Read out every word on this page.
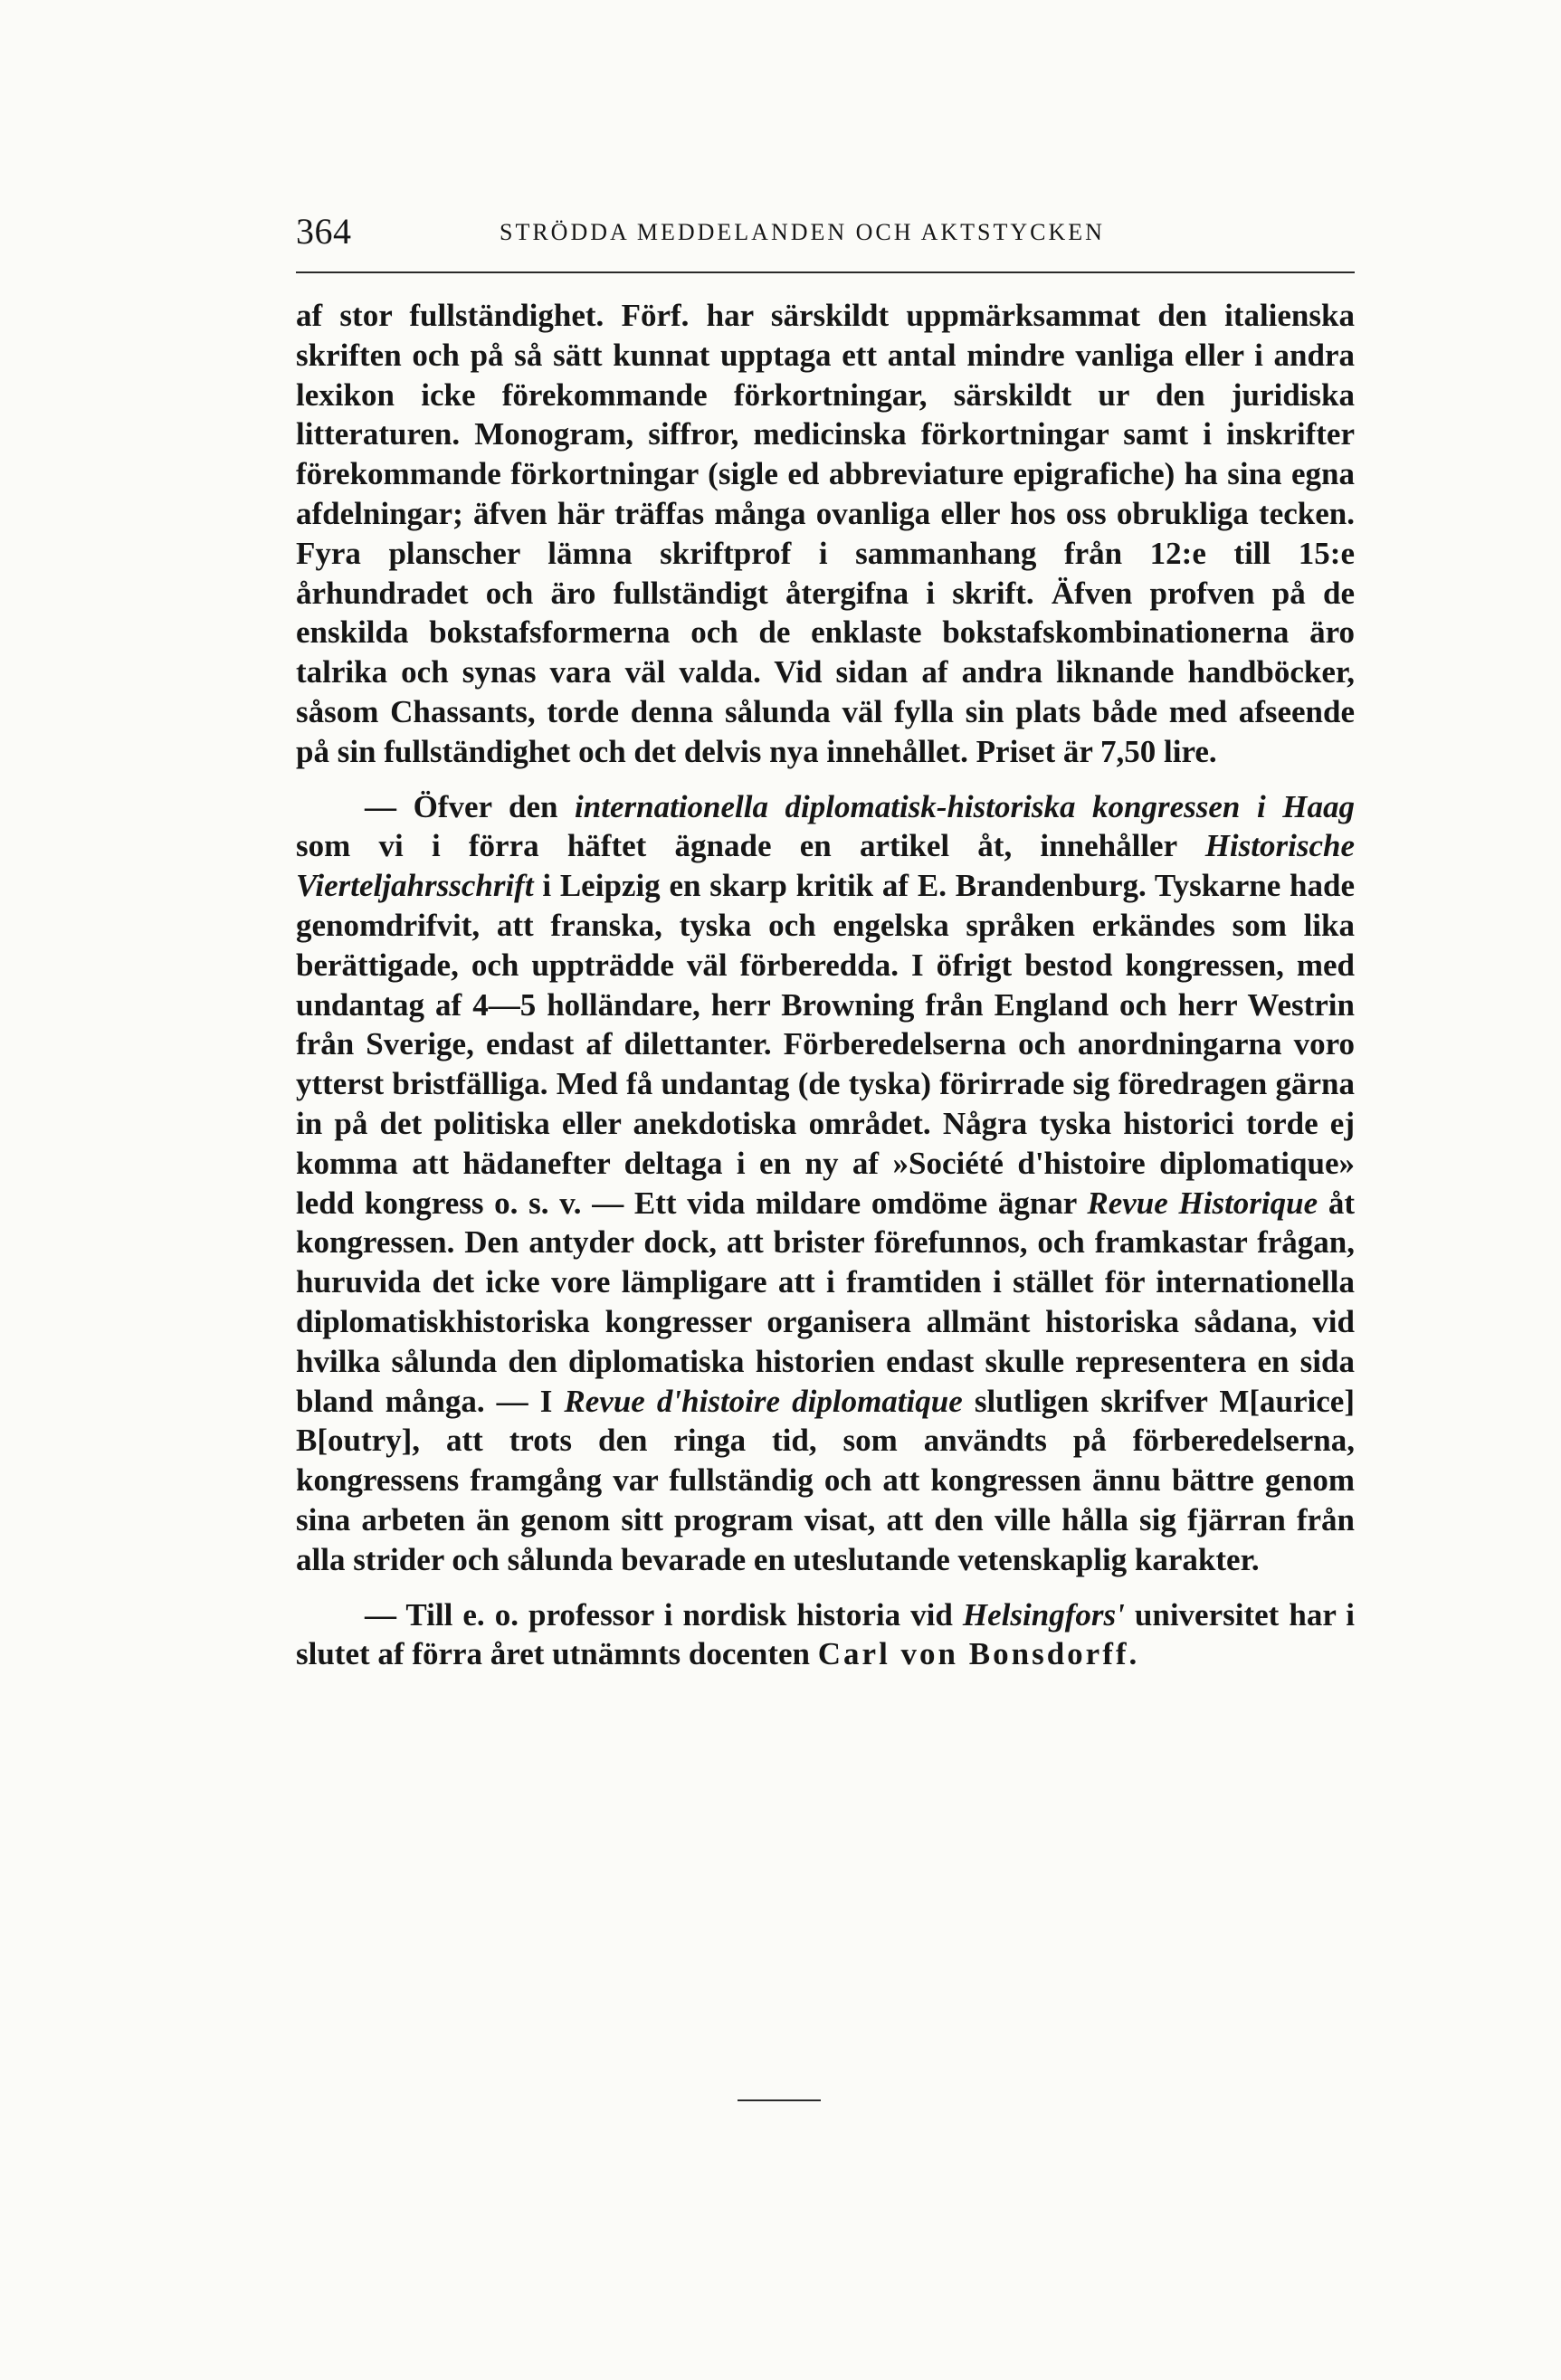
364	STRÖDDA MEDDELANDEN OCH AKTSTYCKEN

af stor fullständighet. Förf. har särskildt uppmärksammat den italienska skriften och på så sätt kunnat upptaga ett antal mindre vanliga eller i andra lexikon icke förekommande förkortningar, särskildt ur den juridiska litteraturen. Monogram, siffror, medicinska förkortningar samt i inskrifter förekommande förkortningar (sigle ed abbreviature epigrafiche) ha sina egna afdelningar; äfven här träffas många ovanliga eller hos oss obrukliga tecken. Fyra planscher lämna skriftprof i sammanhang från 12:e till 15:e århundradet och äro fullständigt återgifna i skrift. Äfven profven på de enskilda bokstafsformerna och de enklaste bokstafskombinationerna äro talrika och synas vara väl valda. Vid sidan af andra liknande handböcker, såsom Chassants, torde denna sålunda väl fylla sin plats både med afseende på sin fullständighet och det delvis nya innehållet. Priset är 7,50 lire.

— Öfver den internationella diplomatisk-historiska kongressen i Haag som vi i förra häftet ägnade en artikel åt, innehåller Historische Vierteljahrsschrift i Leipzig en skarp kritik af E. Brandenburg. Tyskarne hade genomdrifvit, att franska, tyska och engelska språken erkändes som lika berättigade, och uppträdde väl förberedda. I öfrigt bestod kongressen, med undantag af 4—5 holländare, herr Browning från England och herr Westrin från Sverige, endast af dilettanter. Förberedelserna och anordningarna voro ytterst bristfälliga. Med få undantag (de tyska) förirrade sig föredragen gärna in på det politiska eller anekdotiska området. Några tyska historici torde ej komma att hädanefter deltaga i en ny af »Société d'histoire diplomatique» ledd kongress o. s. v. — Ett vida mildare omdöme ägnar Revue Historique åt kongressen. Den antyder dock, att brister förefunnos, och framkastar frågan, huruvida det icke vore lämpligare att i framtiden i stället för internationella diplomatiskhistoriska kongresser organisera allmänt historiska sådana, vid hvilka sålunda den diplomatiska historien endast skulle representera en sida bland många. — I Revue d'histoire diplomatique slutligen skrifver M[aurice] B[outry], att trots den ringa tid, som användts på förberedelserna, kongressens framgång var fullständig och att kongressen ännu bättre genom sina arbeten än genom sitt program visat, att den ville hålla sig fjärran från alla strider och sålunda bevarade en uteslutande vetenskaplig karakter.

— Till e. o. professor i nordisk historia vid Helsingfors' universitet har i slutet af förra året utnämnts docenten Carl von Bonsdorff.
